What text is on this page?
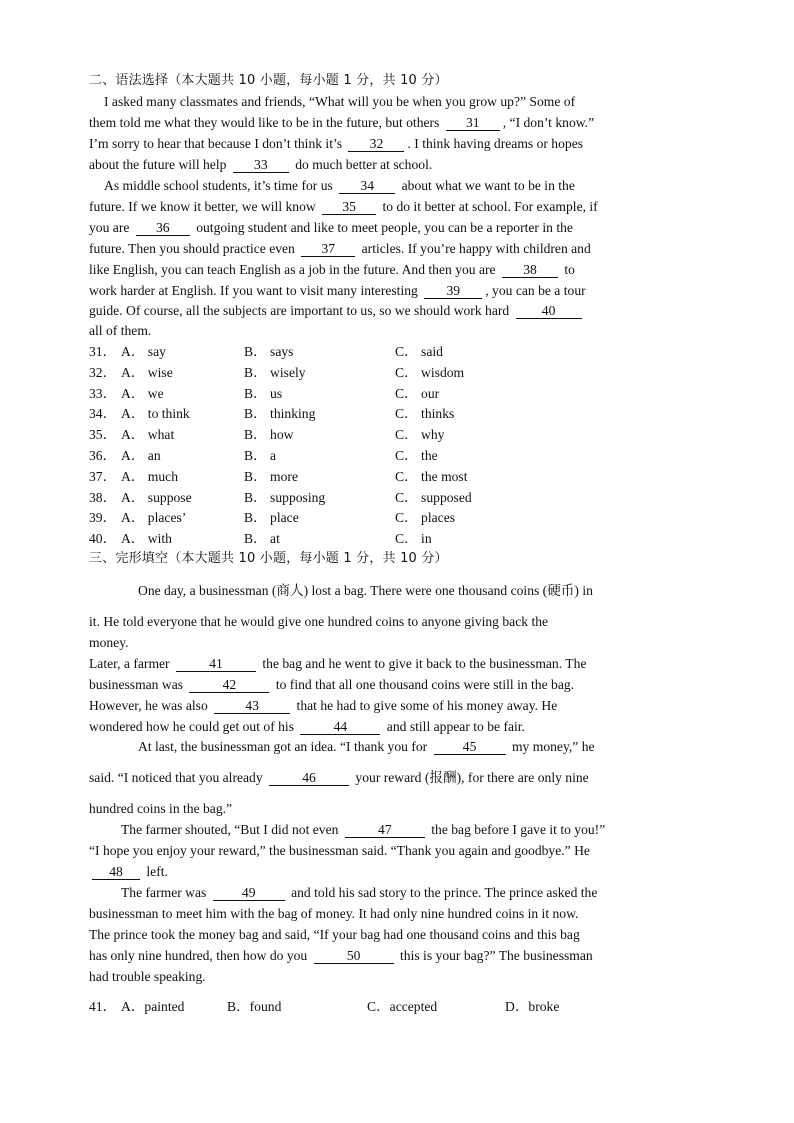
二、语法选择（本大题共 10 小题，每小题 1 分，共 10 分）
I asked many classmates and friends, “What will you be when you grow up?” Some of
them told me what they would like to be in the future, but others 31 , “I don’t know.”
I’m sorry to hear that because I don’t think it’s 32 . I think having dreams or hopes
about the future will help 33 do much better at school.
As middle school students, it’s time for us 34 about what we want to be in the
future. If we know it better, we will know 35 to do it better at school. For example, if
you are 36 outgoing student and like to meet people, you can be a reporter in the
future. Then you should practice even 37 articles. If you’re happy with children and
like English, you can teach English as a job in the future. And then you are 38 to
work harder at English. If you want to visit many interesting 39 , you can be a tour
guide. Of course, all the subjects are important to us, so we should work hard 40
all of them.
31． A． say	B． says	C． said
32． A． wise	B． wisely	C． wisdom
33． A． we	B． us	C． our
34． A． to think	B． thinking	C． thinks
35． A． what	B． how	C． why
36． A． an	B． a	C． the
37． A． much	B． more	C． the most
38． A． suppose	B． supposing	C． supposed
39． A． places’	B． place	C． places
40． A． with	B． at	C． in
三、完形填空（本大题共 10 小题，每小题 1 分，共 10 分）
One day, a businessman (商人) lost a bag. There were one thousand coins (硬币) in
it. He told everyone that he would give one hundred coins to anyone giving back the
money.
Later, a farmer	41	the bag and he went to give it back to the businessman. The
businessman was	42	to find that all one thousand coins were still in the bag.
However, he was also	43	that he had to give some of his money away. He
wondered how he could get out of his	44	and still appear to be fair.
At last, the businessman got an idea. “I thank you for 45 my money,” he
said. “I noticed that you already	46	your reward (报酬), for there are only nine
hundred coins in the bag.”
The farmer shouted, “But I did not even	47	the bag before I gave it to you!”
“I hope you enjoy your reward,” the businessman said. “Thank you again and goodbye.” He
48 left.
The farmer was 49 and told his sad story to the prince. The prince asked the
businessman to meet him with the bag of money. It had only nine hundred coins in it now.
The prince took the money bag and said, “If your bag had one thousand coins and this bag
has only nine hundred, then how do you	50	this is your bag?” The businessman
had trouble speaking.
41． A．painted	B．found	C．accepted	D．broke
